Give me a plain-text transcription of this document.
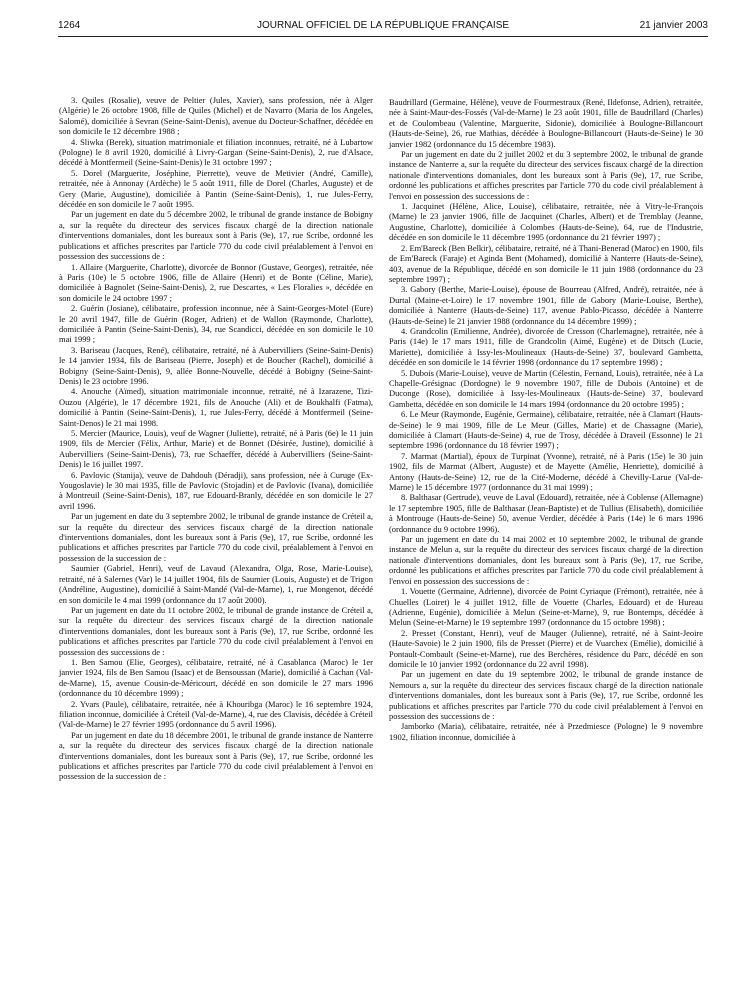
1264	JOURNAL OFFICIEL DE LA RÉPUBLIQUE FRANÇAISE	21 janvier 2003

3. Quiles (Rosalie), veuve de Peltier (Jules, Xavier), sans profession, née à Alger (Algérie) le 26 octobre 1908, fille de Quiles (Michel) et de Navarro (Maria de los Angeles, Salomé), domiciliée à Sevran (Seine-Saint-Denis), avenue du Docteur-Schaffner, décédée en son domicile le 12 décembre 1988 ;

4. Sliwka (Berek), situation matrimoniale et filiation inconnues, retraité, né à Lubartow (Pologne) le 8 avril 1920, domicilié à Livry-Gargan (Seine-Saint-Denis), 2, rue d'Alsace, décédé à Montfermeil (Seine-Saint-Denis) le 31 octobre 1997 ;

5. Dorel (Marguerite, Joséphine, Pierrette), veuve de Metivier (André, Camille), retraitée, née à Annonay (Ardèche) le 5 août 1911, fille de Dorel (Charles, Auguste) et de Gery (Marie, Augustine), domiciliée à Pantin (Seine-Saint-Denis), 1, rue Jules-Ferry, décédée en son domicile le 7 août 1995.

Par un jugement en date du 5 décembre 2002, le tribunal de grande instance de Bobigny a, sur la requête du directeur des services fiscaux chargé de la direction nationale d'interventions domaniales, dont les bureaux sont à Paris (9e), 17, rue Scribe, ordonné les publications et affiches prescrites par l'article 770 du code civil préalablement à l'envoi en possession des successions de :

1. Allaire (Marguerite, Charlotte), divorcée de Bonnor (Gustave, Georges), retraitée, née à Paris (10e) le 5 octobre 1906, fille de Allaire (Henri) et de Bonte (Céline, Marie), domiciliée à Bagnolet (Seine-Saint-Denis), 2, rue Descartes, « Les Floralies », décédée en son domicile le 24 octobre 1997 ;

2. Guérin (Josiane), célibataire, profession inconnue, née à Saint-Georges-Motel (Eure) le 20 avril 1947, fille de Guérin (Roger, Adrien) et de Wallon (Raymonde, Charlotte), domiciliée à Pantin (Seine-Saint-Denis), 34, rue Scandicci, décédée en son domicile le 10 mai 1999 ;

3. Bariseau (Jacques, René), célibataire, retraité, né à Aubervilliers (Seine-Saint-Denis) le 14 janvier 1934, fils de Bariseau (Pierre, Joseph) et de Boucher (Rachel), domicilié à Bobigny (Seine-Saint-Denis), 9, allée Bonne-Nouvelle, décédé à Bobigny (Seine-Saint-Denis) le 23 octobre 1996.

4. Anouche (Aïmed), situation matrimoniale inconnue, retraité, né à Izarazene, Tizi-Ouzou (Algérie), le 17 décembre 1921, fils de Anouche (Ali) et de Boukhalfi (Fatma), domicilié à Pantin (Seine-Saint-Denis), 1, rue Jules-Ferry, décédé à Montfermeil (Seine-Saint-Denos) le 21 mai 1998.

5. Mercier (Maurice, Louis), veuf de Wagner (Juliette), retraité, né à Paris (6e) le 11 juin 1909, fils de Mercier (Félix, Arthur, Marie) et de Bonnet (Désirée, Justine), domicilié à Aubervilliers (Seine-Saint-Denis), 73, rue Schaeffer, décédé à Aubervilliers (Seine-Saint-Denis) le 16 juillet 1997.

6. Pavlovic (Stanija), veuve de Dahdouh (Déradji), sans profession, née à Curuge (Ex-Yougoslavie) le 30 mai 1935, fille de Pavlovic (Stojadin) et de Pavlovic (Ivana), domiciliée à Montreuil (Seine-Saint-Denis), 187, rue Edouard-Branly, décédée en son domicile le 27 avril 1996.

Par un jugement en date du 3 septembre 2002, le tribunal de grande instance de Créteil a, sur la requête du directeur des services fiscaux chargé de la direction nationale d'interventions domaniales, dont les bureaux sont à Paris (9e), 17, rue Scribe, ordonné les publications et affiches prescrites par l'article 770 du code civil, préalablement à l'envoi en possession de la succession de :

Saumier (Gabriel, Henri), veuf de Lavaud (Alexandra, Olga, Rose, Marie-Louise), retraité, né à Salernes (Var) le 14 juillet 1904, fils de Saumier (Louis, Auguste) et de Trigon (Andréline, Augustine), domicilié à Saint-Mandé (Val-de-Marne), 1, rue Mongenot, décédé en son domicile le 4 mai 1999 (ordonnance du 17 août 2000).

Par un jugement en date du 11 octobre 2002, le tribunal de grande instance de Créteil a, sur la requête du directeur des services fiscaux chargé de la direction nationale d'interventions domaniales, dont les bureaux sont à Paris (9e), 17, rue Scribe, ordonné les publications et affiches prescrites par l'article 770 du code civil préalablement à l'envoi en possession des successions de :

1. Ben Samou (Elie, Georges), célibataire, retraité, né à Casablanca (Maroc) le 1er janvier 1924, fils de Ben Samou (Isaac) et de Bensoussan (Marie), domicilié à Cachan (Val-de-Marne), 15, avenue Cousin-de-Méricourt, décédé en son domicile le 27 mars 1996 (ordonnance du 10 décembre 1999) ;

2. Yvars (Paule), célibataire, retraitée, née à Khouribga (Maroc) le 16 septembre 1924, filiation inconnue, domiciliée à Créteil (Val-de-Marne), 4, rue des Clavisis, décédée à Créteil (Val-de-Marne) le 27 février 1995 (ordonnance du 5 avril 1996).

Par un jugement en date du 18 décembre 2001, le tribunal de grande instance de Nanterre a, sur la requête du directeur des services fiscaux chargé de la direction nationale d'interventions domaniales, dont les bureaux sont à Paris (9e), 17, rue Scribe, ordonné les publications et affiches prescrites par l'article 770 du code civil préalablement à l'envoi en possession de la succession de :

Baudrillard (Germaine, Hélène), veuve de Fourmestraux (René, Ildefonse, Adrien), retraitée, née à Saint-Maur-des-Fossés (Val-de-Marne) le 23 août 1901, fille de Baudrillard (Charles) et de Coulombeau (Valentine, Marguerite, Sidonie), domiciliée à Boulogne-Billancourt (Hauts-de-Seine), 26, rue Mathias, décédée à Boulogne-Billancourt (Hauts-de-Seine) le 30 janvier 1982 (ordonnance du 15 décembre 1983).

Par un jugement en date du 2 juillet 2002 et du 3 septembre 2002, le tribunal de grande instance de Nanterre a, sur la requête du directeur des services fiscaux chargé de la direction nationale d'interventions domaniales, dont les bureaux sont à Paris (9e), 17, rue Scribe, ordonné les publications et affiches prescrites par l'article 770 du code civil préalablement à l'envoi en possession des successions de :

1. Jacquinet (Hélène, Alice, Louise), célibataire, retraitée, née à Vitry-le-François (Marne) le 23 janvier 1906, fille de Jacquinet (Charles, Albert) et de Tremblay (Jeanne, Augustine, Charlotte), domiciliée à Colombes (Hauts-de-Seine), 64, rue de l'Industrie, décédée en son domicile le 11 décembre 1995 (ordonnance du 21 février 1997) ;

2. Em'Bareck (Ben Belkir), célibataire, retraité, né à Thani-Benerad (Maroc) en 1900, fils de Em'Bareck (Faraje) et Aginda Bent (Mohamed), domicilié à Nanterre (Hauts-de-Seine), 403, avenue de la République, décédé en son domicile le 11 juin 1988 (ordonnance du 23 septembre 1997) ;

3. Gabory (Berthe, Marie-Louise), épouse de Bourreau (Alfred, André), retraitée, née à Durtal (Maine-et-Loire) le 17 novembre 1901, fille de Gabory (Marie-Louise, Berthe), domiciliée à Nanterre (Hauts-de-Seine) 117, avenue Pablo-Picasso, décédée à Nanterre (Hauts-de-Seine) le 21 janvier 1988 (ordonnance du 14 décembre 1999) ;

4. Grandcolin (Emilienne, Andrée), divorcée de Cresson (Charlemagne), retraitée, née à Paris (14e) le 17 mars 1911, fille de Grandcolin (Aimé, Eugène) et de Ditsch (Lucie, Mariette), domiciliée à Issy-les-Moulineaux (Hauts-de-Seine) 37, boulevard Gambetta, décédée en son domicile le 14 février 1998 (ordonnance du 17 septembre 1998) ;

5. Dubois (Marie-Louise), veuve de Martin (Célestin, Fernand, Louis), retraitée, née à La Chapelle-Grésignac (Dordogne) le 9 novembre 1907, fille de Dubois (Antoine) et de Duconge (Rose), domiciliée à Issy-les-Moulineaux (Hauts-de-Seine) 37, boulevard Gambetta, décédée en son domicile le 14 mars 1994 (ordonnance du 20 octobre 1995) ;

6. Le Meur (Raymonde, Eugénie, Germaine), célibataire, retraitée, née à Clamart (Hauts-de-Seine) le 9 mai 1909, fille de Le Meur (Gilles, Marie) et de Chassagne (Marie), domiciliée à Clamart (Hauts-de-Seine) 4, rue de Trosy, décédée à Draveil (Essonne) le 21 septembre 1996 (ordonnance du 18 février 1997) ;

7. Marmat (Martial), époux de Turpinat (Yvonne), retraité, né à Paris (15e) le 30 juin 1902, fils de Marmat (Albert, Auguste) et de Mayette (Amélie, Henriette), domicilié à Antony (Hauts-de-Seine) 12, rue de la Cité-Moderne, décédé à Chevilly-Larue (Val-de-Marne) le 15 décembre 1977 (ordonnance du 31 mai 1999) ;

8. Balthasar (Gertrude), veuve de Laval (Edouard), retraitée, née à Coblense (Allemagne) le 17 septembre 1905, fille de Balthasar (Jean-Baptiste) et de Tullius (Elisabeth), domiciliée à Montrouge (Hauts-de-Seine) 50, avenue Verdier, décédée à Paris (14e) le 6 mars 1996 (ordonnance du 9 octobre 1996).

Par un jugement en date du 14 mai 2002 et 10 septembre 2002, le tribunal de grande instance de Melun a, sur la requête du directeur des services fiscaux chargé de la direction nationale d'interventions domaniales, dont les bureaux sont à Paris (9e), 17, rue Scribe, ordonné les publications et affiches prescrites par l'article 770 du code civil préalablement à l'envoi en possession des successions de :

1. Vouette (Germaine, Adrienne), divorcée de Point Cyriaque (Frémont), retraitée, née à Chuelles (Loiret) le 4 juillet 1912, fille de Vouette (Charles, Edouard) et de Hureau (Adrienne, Eugénie), domiciliée à Melun (Seine-et-Marne), 9, rue Bontemps, décédée à Melun (Seine-et-Marne) le 19 septembre 1997 (ordonnance du 15 octobre 1998) ;

2. Presset (Constant, Henri), veuf de Mauger (Julienne), retraité, né à Saint-Jeoire (Haute-Savoie) le 2 juin 1900, fils de Presset (Pierre) et de Vuarchex (Emélie), domicilié à Pontault-Combault (Seine-et-Marne), rue des Berchères, résidence du Parc, décédé en son domicile le 10 janvier 1992 (ordonnance du 22 avril 1998).

Par un jugement en date du 19 septembre 2002, le tribunal de grande instance de Nemours a, sur la requête du directeur des services fiscaux chargé de la direction nationale d'interventions domaniales, dont les bureaux sont à Paris (9e), 17, rue Scribe, ordonné les publications et affiches prescrites par l'article 770 du code civil préalablement à l'envoi en possession des successions de :

Jamborko (Maria), célibataire, retraitée, née à Przedmiesce (Pologne) le 9 novembre 1902, filiation inconnue, domiciliée à
